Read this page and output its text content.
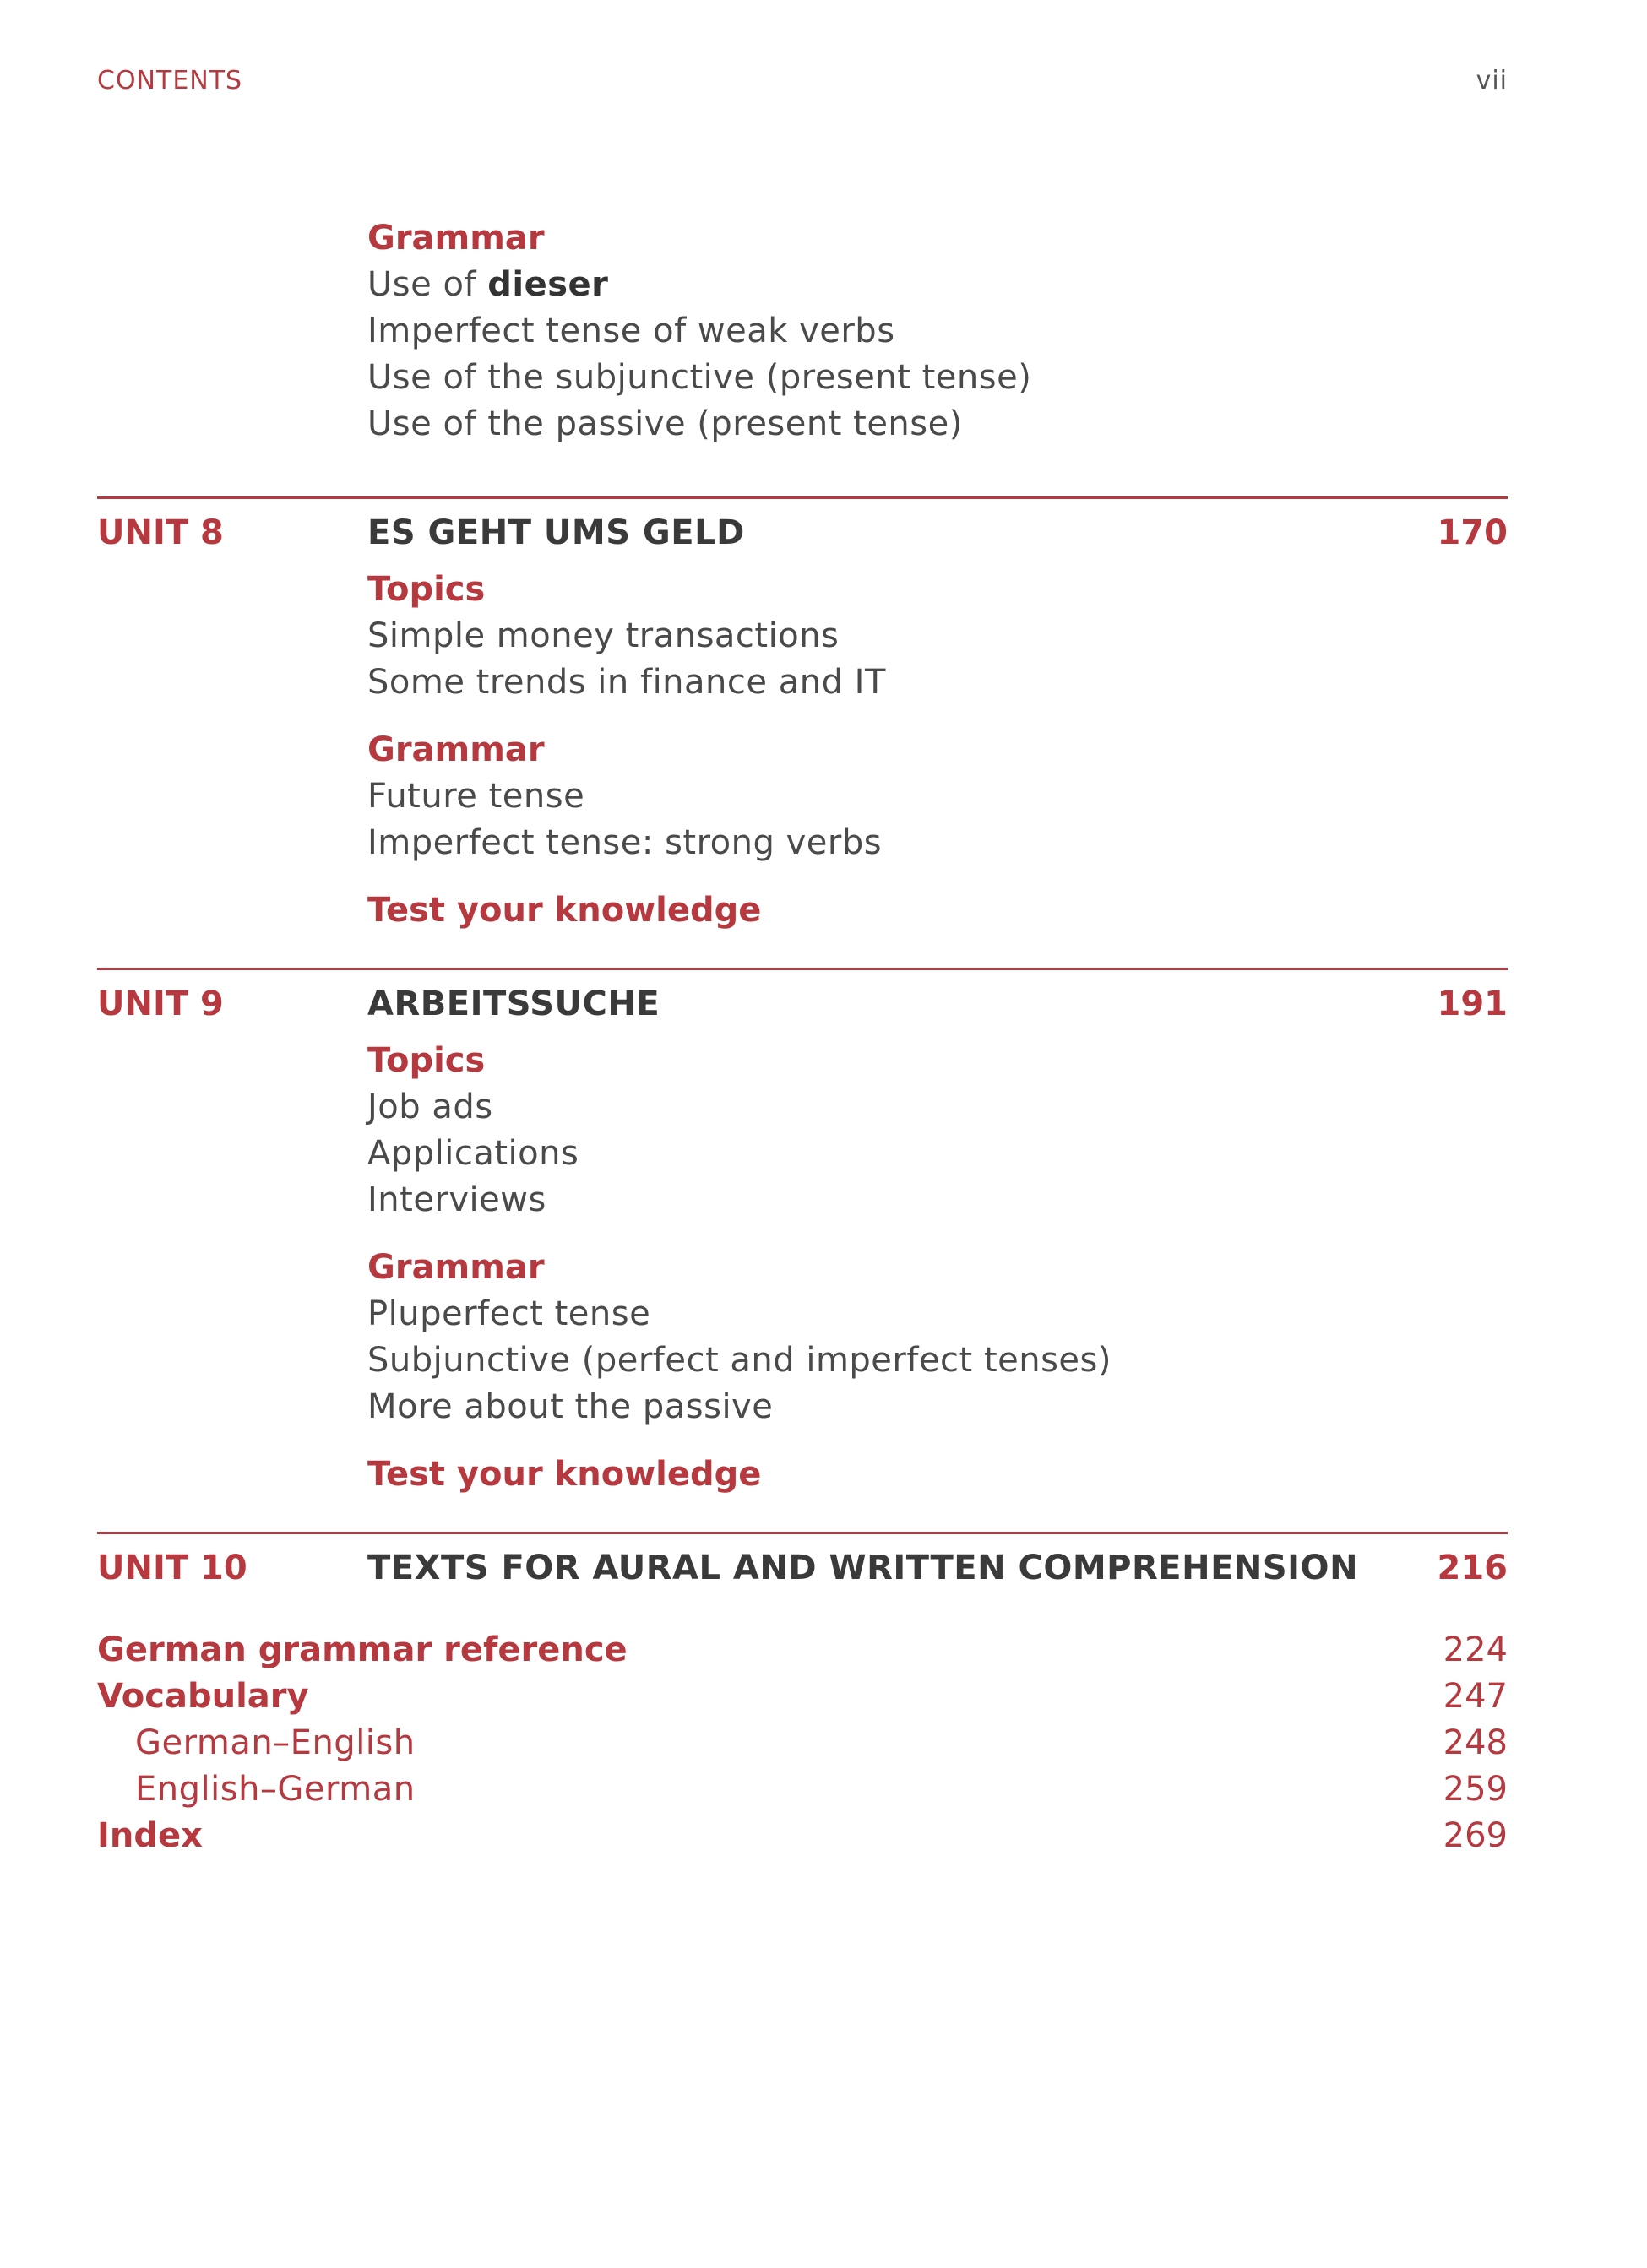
CONTENTS	vii
Grammar
Use of dieser
Imperfect tense of weak verbs
Use of the subjunctive (present tense)
Use of the passive (present tense)
UNIT 8	ES GEHT UMS GELD	170
Topics
Simple money transactions
Some trends in finance and IT
Grammar
Future tense
Imperfect tense: strong verbs
Test your knowledge
UNIT 9	ARBEITSSUCHE	191
Topics
Job ads
Applications
Interviews
Grammar
Pluperfect tense
Subjunctive (perfect and imperfect tenses)
More about the passive
Test your knowledge
UNIT 10	TEXTS FOR AURAL AND WRITTEN COMPREHENSION	216
German grammar reference	224
Vocabulary	247
German–English	248
English–German	259
Index	269
